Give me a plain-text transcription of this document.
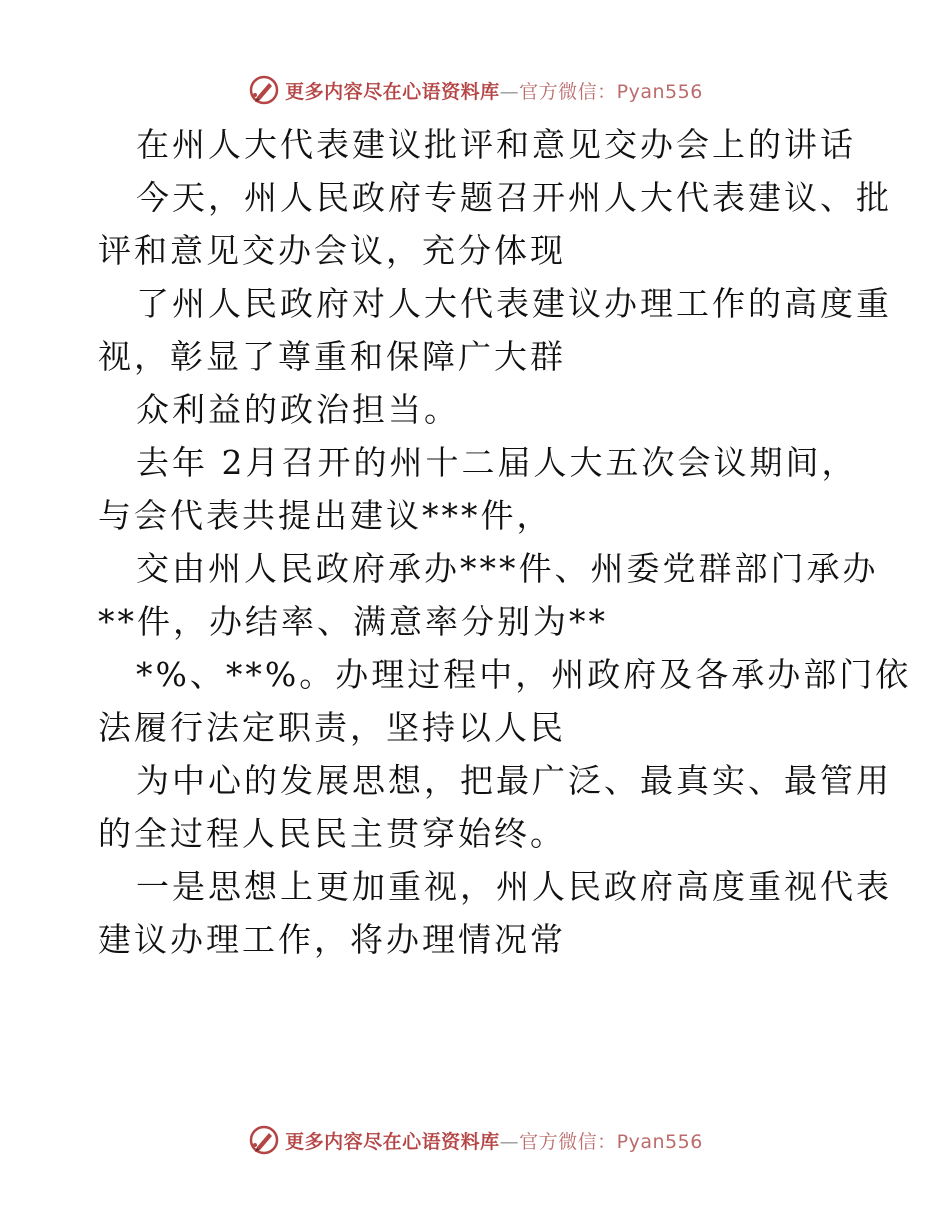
更多内容尽在心语资料库—官方微信：Pyan556
在州人大代表建议批评和意见交办会上的讲话
今天，州人民政府专题召开州人大代表建议、批
评和意见交办会议，充分体现
了州人民政府对人大代表建议办理工作的高度重
视，彰显了尊重和保障广大群
众利益的政治担当。
去年 2月召开的州十二届人大五次会议期间，
与会代表共提出建议***件，
交由州人民政府承办***件、州委党群部门承办
**件，办结率、满意率分别为**
*%、**%。办理过程中，州政府及各承办部门依
法履行法定职责，坚持以人民
为中心的发展思想，把最广泛、最真实、最管用
的全过程人民民主贯穿始终。
一是思想上更加重视，州人民政府高度重视代表
建议办理工作，将办理情况常
更多内容尽在心语资料库—官方微信：Pyan556
